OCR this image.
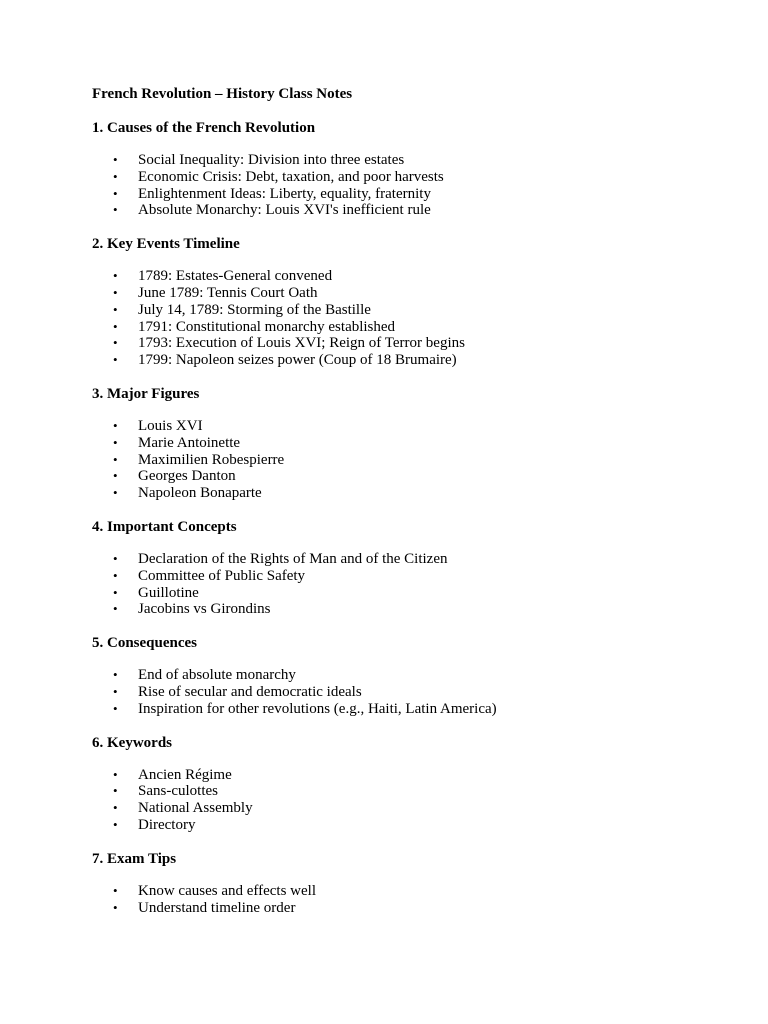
French Revolution – History Class Notes

1. Causes of the French Revolution

• Social Inequality: Division into three estates
• Economic Crisis: Debt, taxation, and poor harvests
• Enlightenment Ideas: Liberty, equality, fraternity
• Absolute Monarchy: Louis XVI's inefficient rule

2. Key Events Timeline

• 1789: Estates-General convened
• June 1789: Tennis Court Oath
• July 14, 1789: Storming of the Bastille
• 1791: Constitutional monarchy established
• 1793: Execution of Louis XVI; Reign of Terror begins
• 1799: Napoleon seizes power (Coup of 18 Brumaire)

3. Major Figures

• Louis XVI
• Marie Antoinette
• Maximilien Robespierre
• Georges Danton
• Napoleon Bonaparte

4. Important Concepts

• Declaration of the Rights of Man and of the Citizen
• Committee of Public Safety
• Guillotine
• Jacobins vs Girondins

5. Consequences

• End of absolute monarchy
• Rise of secular and democratic ideals
• Inspiration for other revolutions (e.g., Haiti, Latin America)

6. Keywords

• Ancien Régime
• Sans-culottes
• National Assembly
• Directory

7. Exam Tips

• Know causes and effects well
• Understand timeline order
